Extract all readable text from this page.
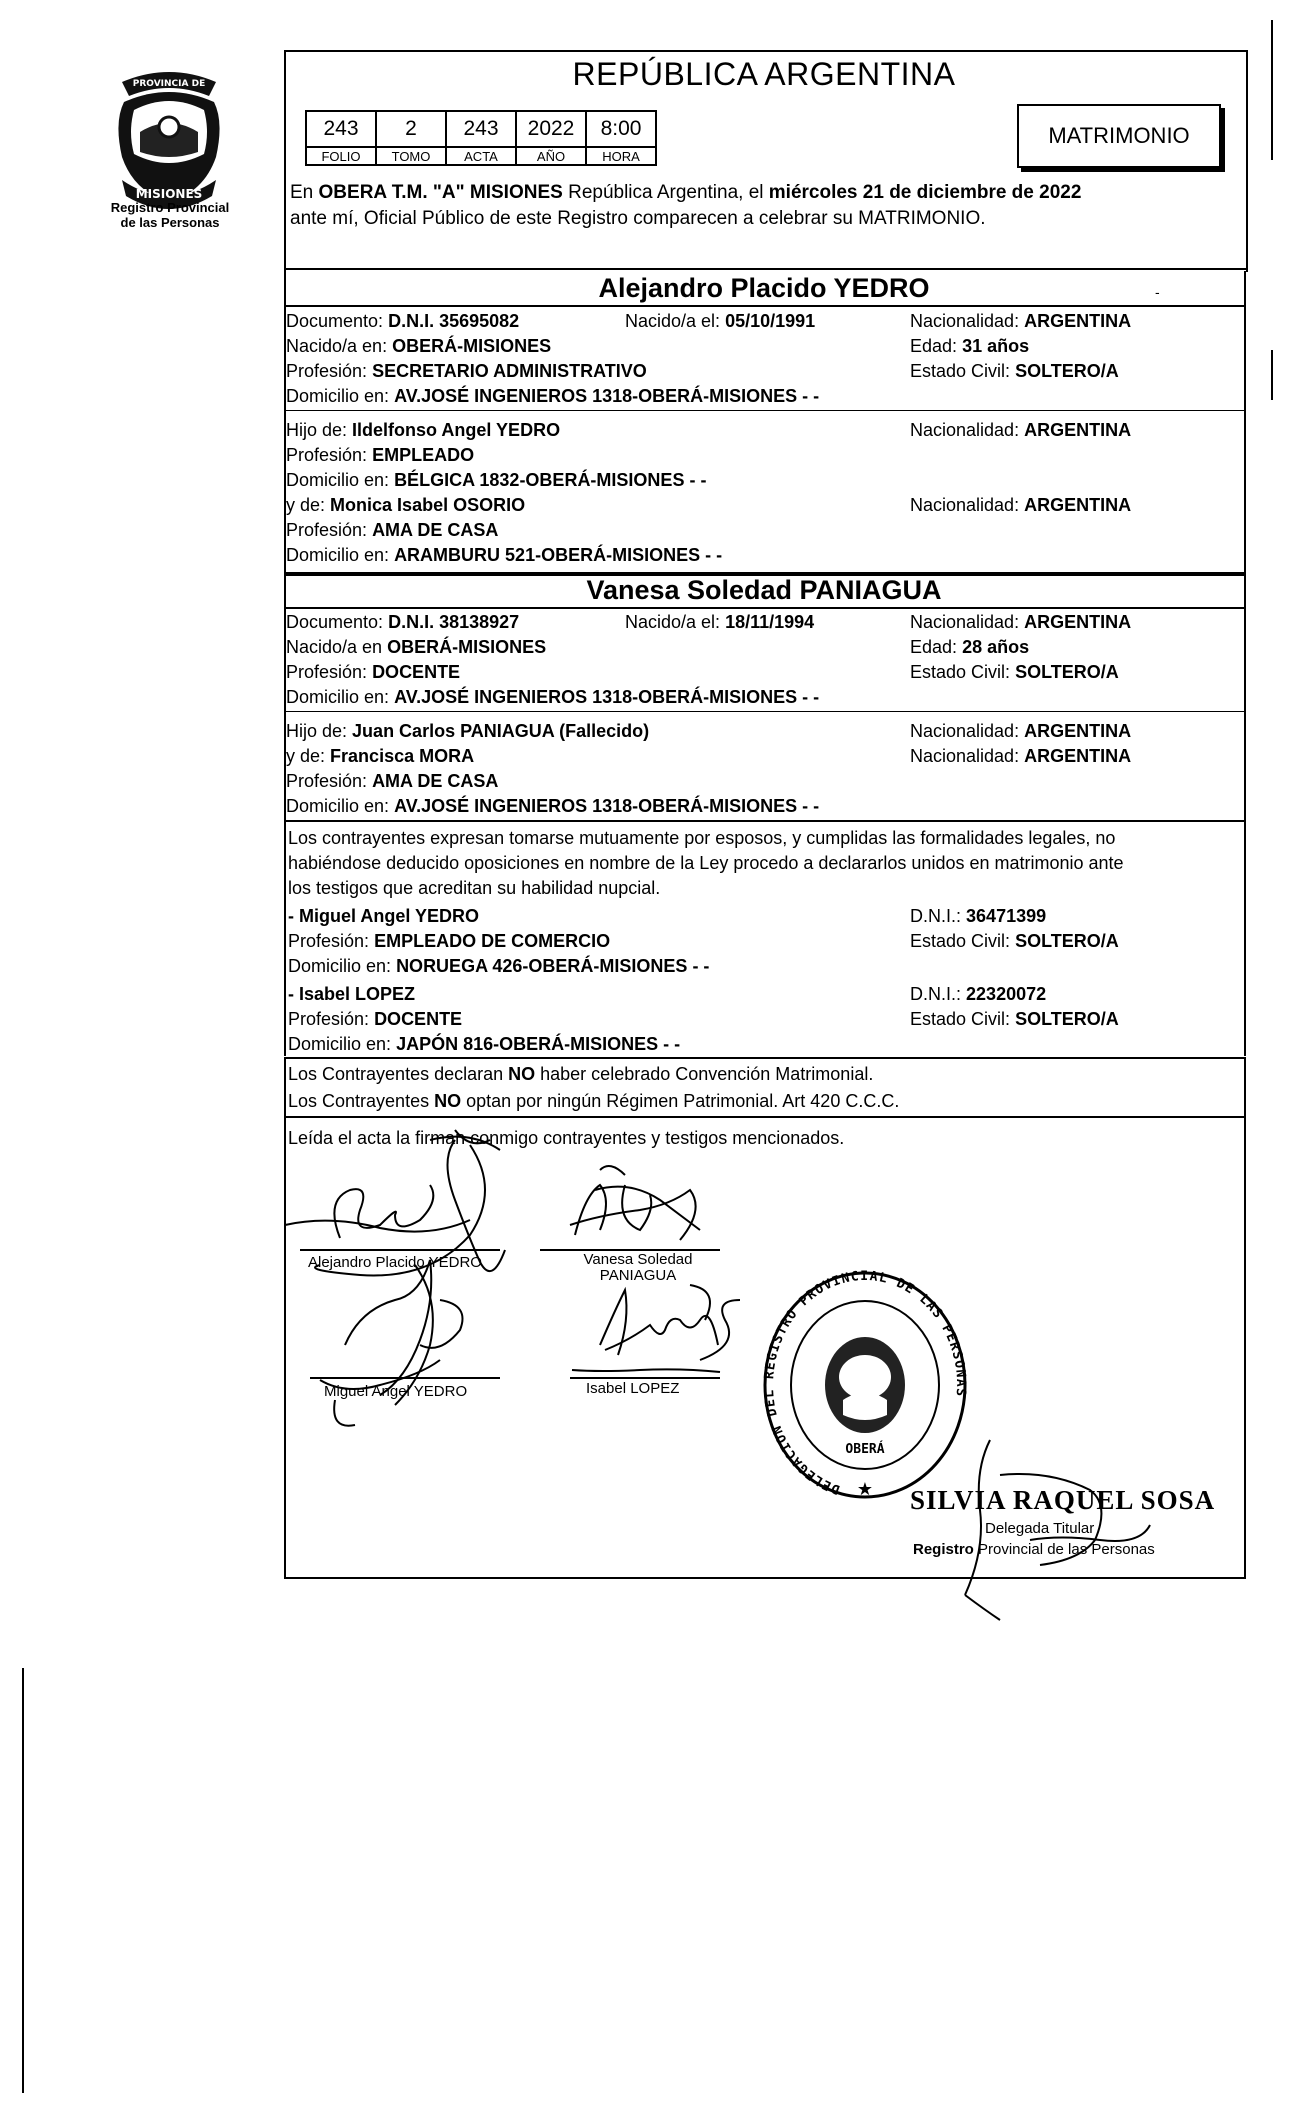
PROVINCIA DE
MISIONES
Registro Provincial
de las Personas
REPÚBLICA ARGENTINA
243	2	243	2022	8:00
FOLIO	TOMO	ACTA	AÑO	HORA
MATRIMONIO
En OBERA T.M. "A" MISIONES República Argentina, el miércoles 21 de diciembre de 2022
ante mí, Oficial Público de este Registro comparecen a celebrar su MATRIMONIO.
Alejandro Placido YEDRO	-
Documento: D.N.I. 35695082	Nacido/a el: 05/10/1991	Nacionalidad: ARGENTINA
Nacido/a en: OBERÁ-MISIONES	Edad: 31 años
Profesión: SECRETARIO ADMINISTRATIVO	Estado Civil: SOLTERO/A
Domicilio en: AV.JOSÉ INGENIEROS 1318-OBERÁ-MISIONES - -
Hijo de: Ildelfonso Angel YEDRO	Nacionalidad: ARGENTINA
Profesión: EMPLEADO
Domicilio en: BÉLGICA 1832-OBERÁ-MISIONES - -
y de: Monica Isabel OSORIO	Nacionalidad: ARGENTINA
Profesión: AMA DE CASA
Domicilio en: ARAMBURU 521-OBERÁ-MISIONES - -
Vanesa Soledad PANIAGUA
Documento: D.N.I. 38138927	Nacido/a el: 18/11/1994	Nacionalidad: ARGENTINA
Nacido/a en OBERÁ-MISIONES	Edad: 28 años
Profesión: DOCENTE	Estado Civil: SOLTERO/A
Domicilio en: AV.JOSÉ INGENIEROS 1318-OBERÁ-MISIONES - -
Hijo de: Juan Carlos PANIAGUA (Fallecido)	Nacionalidad: ARGENTINA
y de: Francisca MORA	Nacionalidad: ARGENTINA
Profesión: AMA DE CASA
Domicilio en: AV.JOSÉ INGENIEROS 1318-OBERÁ-MISIONES - -
Los contrayentes expresan tomarse mutuamente por esposos, y cumplidas las formalidades legales, no
habiéndose deducido oposiciones en nombre de la Ley procedo a declararlos unidos en matrimonio ante
los testigos que acreditan su habilidad nupcial.
- Miguel Angel YEDRO	D.N.I.: 36471399
Profesión: EMPLEADO DE COMERCIO	Estado Civil: SOLTERO/A
Domicilio en: NORUEGA 426-OBERÁ-MISIONES - -
- Isabel LOPEZ	D.N.I.: 22320072
Profesión: DOCENTE	Estado Civil: SOLTERO/A
Domicilio en: JAPÓN 816-OBERÁ-MISIONES - -
Los Contrayentes declaran NO haber celebrado Convención Matrimonial.
Los Contrayentes NO optan por ningún Régimen Patrimonial. Art 420 C.C.C.
Leída el acta la firman conmigo contrayentes y testigos mencionados.
Alejandro Placido YEDRO	Vanesa Soledad
PANIAGUA
Miguel Angel YEDRO	Isabel LOPEZ
DELEGACION DEL REGISTRO PROVINCIAL DE LAS PERSONAS
OBERÁ
★ SILVIA RAQUEL SOSA
Delegada Titular
Registro Provincial de las Personas
